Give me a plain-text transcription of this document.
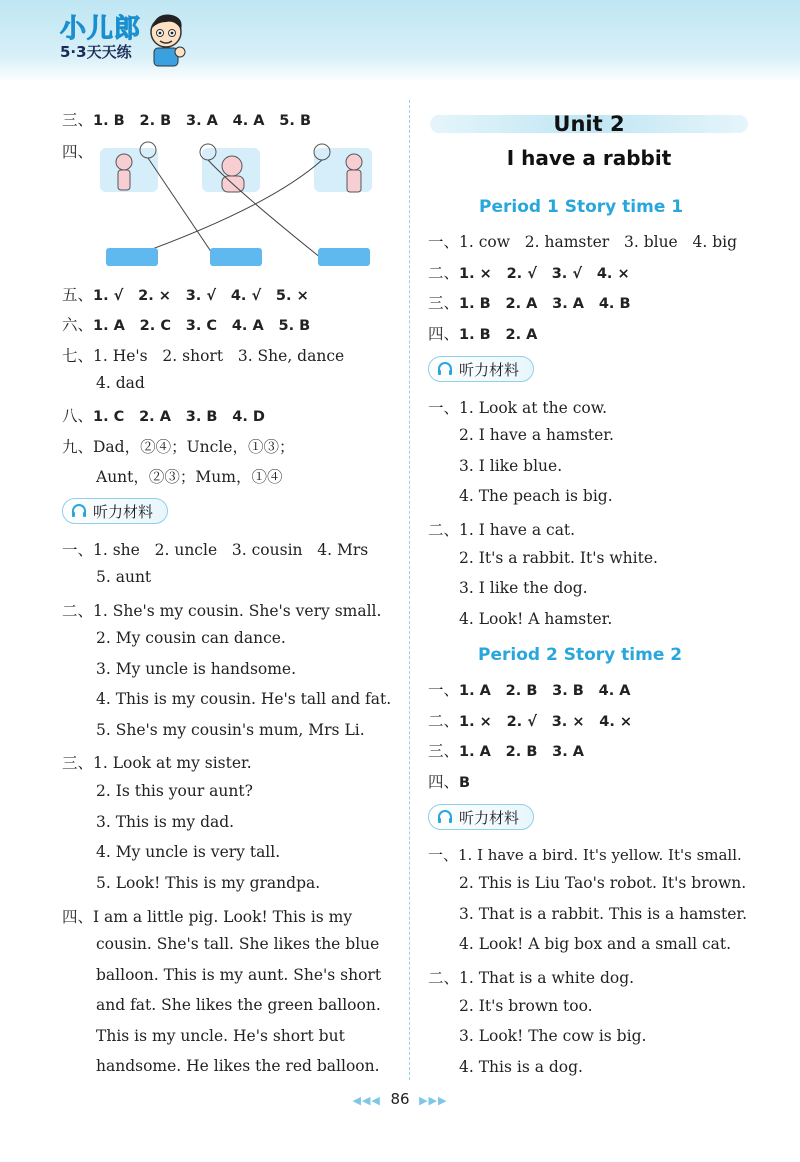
小儿郎
5·3天天练
三、1. B 2. B 3. A 4. A 5. B
四、
五、1. √ 2. × 3. √ 4. √ 5. ×
六、1. A 2. C 3. C 4. A 5. B
七、1. He's 2. short 3. She, dance
4. dad
八、1. C 2. A 3. B 4. D
九、Dad，②④；Uncle，①③；
Aunt，②③；Mum，①④
听力材料
一、1. she 2. uncle 3. cousin 4. Mrs
5. aunt
二、1. She's my cousin. She's very small.
2. My cousin can dance.
3. My uncle is handsome.
4. This is my cousin. He's tall and fat.
5. She's my cousin's mum, Mrs Li.
三、1. Look at my sister.
2. Is this your aunt?
3. This is my dad.
4. My uncle is very tall.
5. Look! This is my grandpa.
四、I am a little pig. Look! This is my
cousin. She's tall. She likes the blue
balloon. This is my aunt. She's short
and fat. She likes the green balloon.
This is my uncle. He's short but
handsome. He likes the red balloon.
Unit 2
I have a rabbit
Period 1 Story time 1
一、1. cow 2. hamster 3. blue 4. big
二、1. × 2. √ 3. √ 4. ×
三、1. B 2. A 3. A 4. B
四、1. B 2. A
听力材料
一、1. Look at the cow.
2. I have a hamster.
3. I like blue.
4. The peach is big.
二、1. I have a cat.
2. It's a rabbit. It's white.
3. I like the dog.
4. Look! A hamster.
Period 2 Story time 2
一、1. A 2. B 3. B 4. A
二、1. × 2. √ 3. × 4. ×
三、1. A 2. B 3. A
四、B
听力材料
一、1. I have a bird. It's yellow. It's small.
2. This is Liu Tao's robot. It's brown.
3. That is a rabbit. This is a hamster.
4. Look! A big box and a small cat.
二、1. That is a white dog.
2. It's brown too.
3. Look! The cow is big.
4. This is a dog.
◀◀◀ 86 ▶▶▶
